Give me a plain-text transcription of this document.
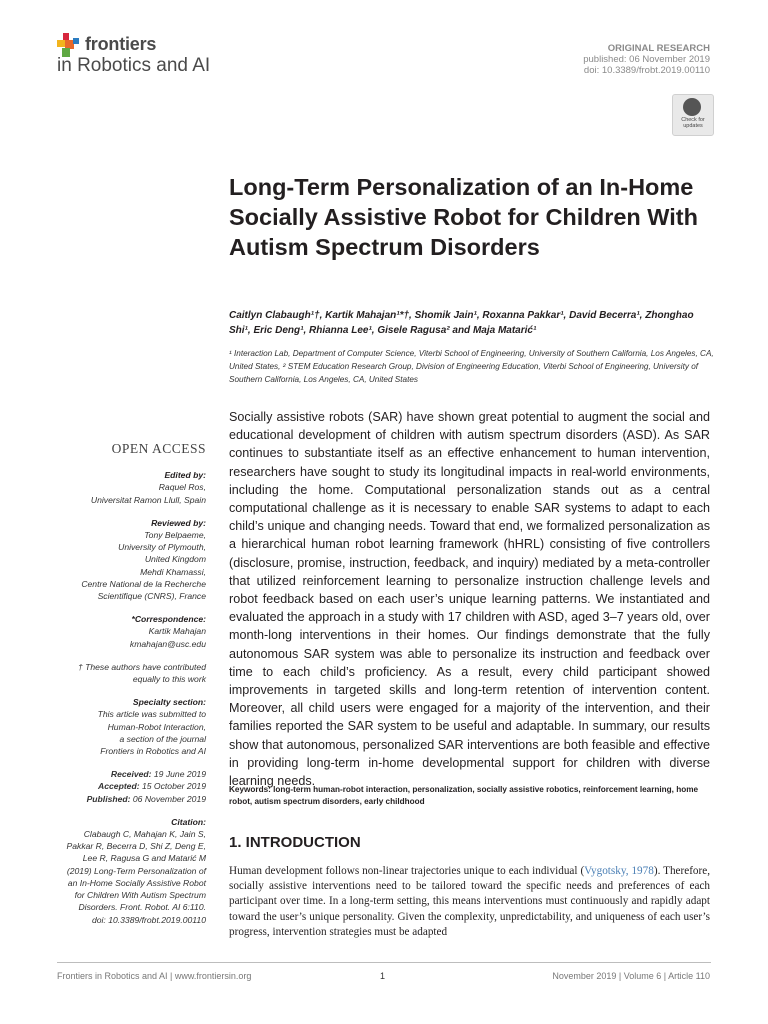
frontiers
in Robotics and AI
ORIGINAL RESEARCH
published: 06 November 2019
doi: 10.3389/frobt.2019.00110
Check for updates
Long-Term Personalization of an In-Home Socially Assistive Robot for Children With Autism Spectrum Disorders
Caitlyn Clabaugh¹†, Kartik Mahajan¹*†, Shomik Jain¹, Roxanna Pakkar¹, David Becerra¹, Zhonghao Shi¹, Eric Deng¹, Rhianna Lee¹, Gisele Ragusa² and Maja Matarić¹
¹ Interaction Lab, Department of Computer Science, Viterbi School of Engineering, University of Southern California, Los Angeles, CA, United States, ² STEM Education Research Group, Division of Engineering Education, Viterbi School of Engineering, University of Southern California, Los Angeles, CA, United States
OPEN ACCESS
Edited by:
Raquel Ros,
Universitat Ramon Llull, Spain
Reviewed by:
Tony Belpaeme,
University of Plymouth,
United Kingdom
Mehdi Khamassi,
Centre National de la Recherche
Scientifique (CNRS), France
*Correspondence:
Kartik Mahajan
kmahajan@usc.edu
† These authors have contributed
equally to this work
Specialty section:
This article was submitted to
Human-Robot Interaction,
a section of the journal
Frontiers in Robotics and AI
Received: 19 June 2019
Accepted: 15 October 2019
Published: 06 November 2019
Citation:
Clabaugh C, Mahajan K, Jain S,
Pakkar R, Becerra D, Shi Z, Deng E,
Lee R, Ragusa G and Matarić M
(2019) Long-Term Personalization of
an In-Home Socially Assistive Robot
for Children With Autism Spectrum
Disorders. Front. Robot. AI 6:110.
doi: 10.3389/frobt.2019.00110
Socially assistive robots (SAR) have shown great potential to augment the social and educational development of children with autism spectrum disorders (ASD). As SAR continues to substantiate itself as an effective enhancement to human intervention, researchers have sought to study its longitudinal impacts in real-world environments, including the home. Computational personalization stands out as a central computational challenge as it is necessary to enable SAR systems to adapt to each child’s unique and changing needs. Toward that end, we formalized personalization as a hierarchical human robot learning framework (hHRL) consisting of five controllers (disclosure, promise, instruction, feedback, and inquiry) mediated by a meta-controller that utilized reinforcement learning to personalize instruction challenge levels and robot feedback based on each user’s unique learning patterns. We instantiated and evaluated the approach in a study with 17 children with ASD, aged 3–7 years old, over month-long interventions in their homes. Our findings demonstrate that the fully autonomous SAR system was able to personalize its instruction and feedback over time to each child’s proficiency. As a result, every child participant showed improvements in targeted skills and long-term retention of intervention content. Moreover, all child users were engaged for a majority of the intervention, and their families reported the SAR system to be useful and adaptable. In summary, our results show that autonomous, personalized SAR interventions are both feasible and effective in providing long-term in-home developmental support for children with diverse learning needs.
Keywords: long-term human-robot interaction, personalization, socially assistive robotics, reinforcement learning, home robot, autism spectrum disorders, early childhood
1. INTRODUCTION
Human development follows non-linear trajectories unique to each individual (Vygotsky, 1978). Therefore, socially assistive interventions need to be tailored toward the specific needs and preferences of each participant over time. In a long-term setting, this means interventions must continuously and rapidly adapt toward the user’s unique personality. Given the complexity, unpredictability, and uniqueness of each user’s progress, intervention strategies must be adapted
Frontiers in Robotics and AI | www.frontiersin.org	1	November 2019 | Volume 6 | Article 110
